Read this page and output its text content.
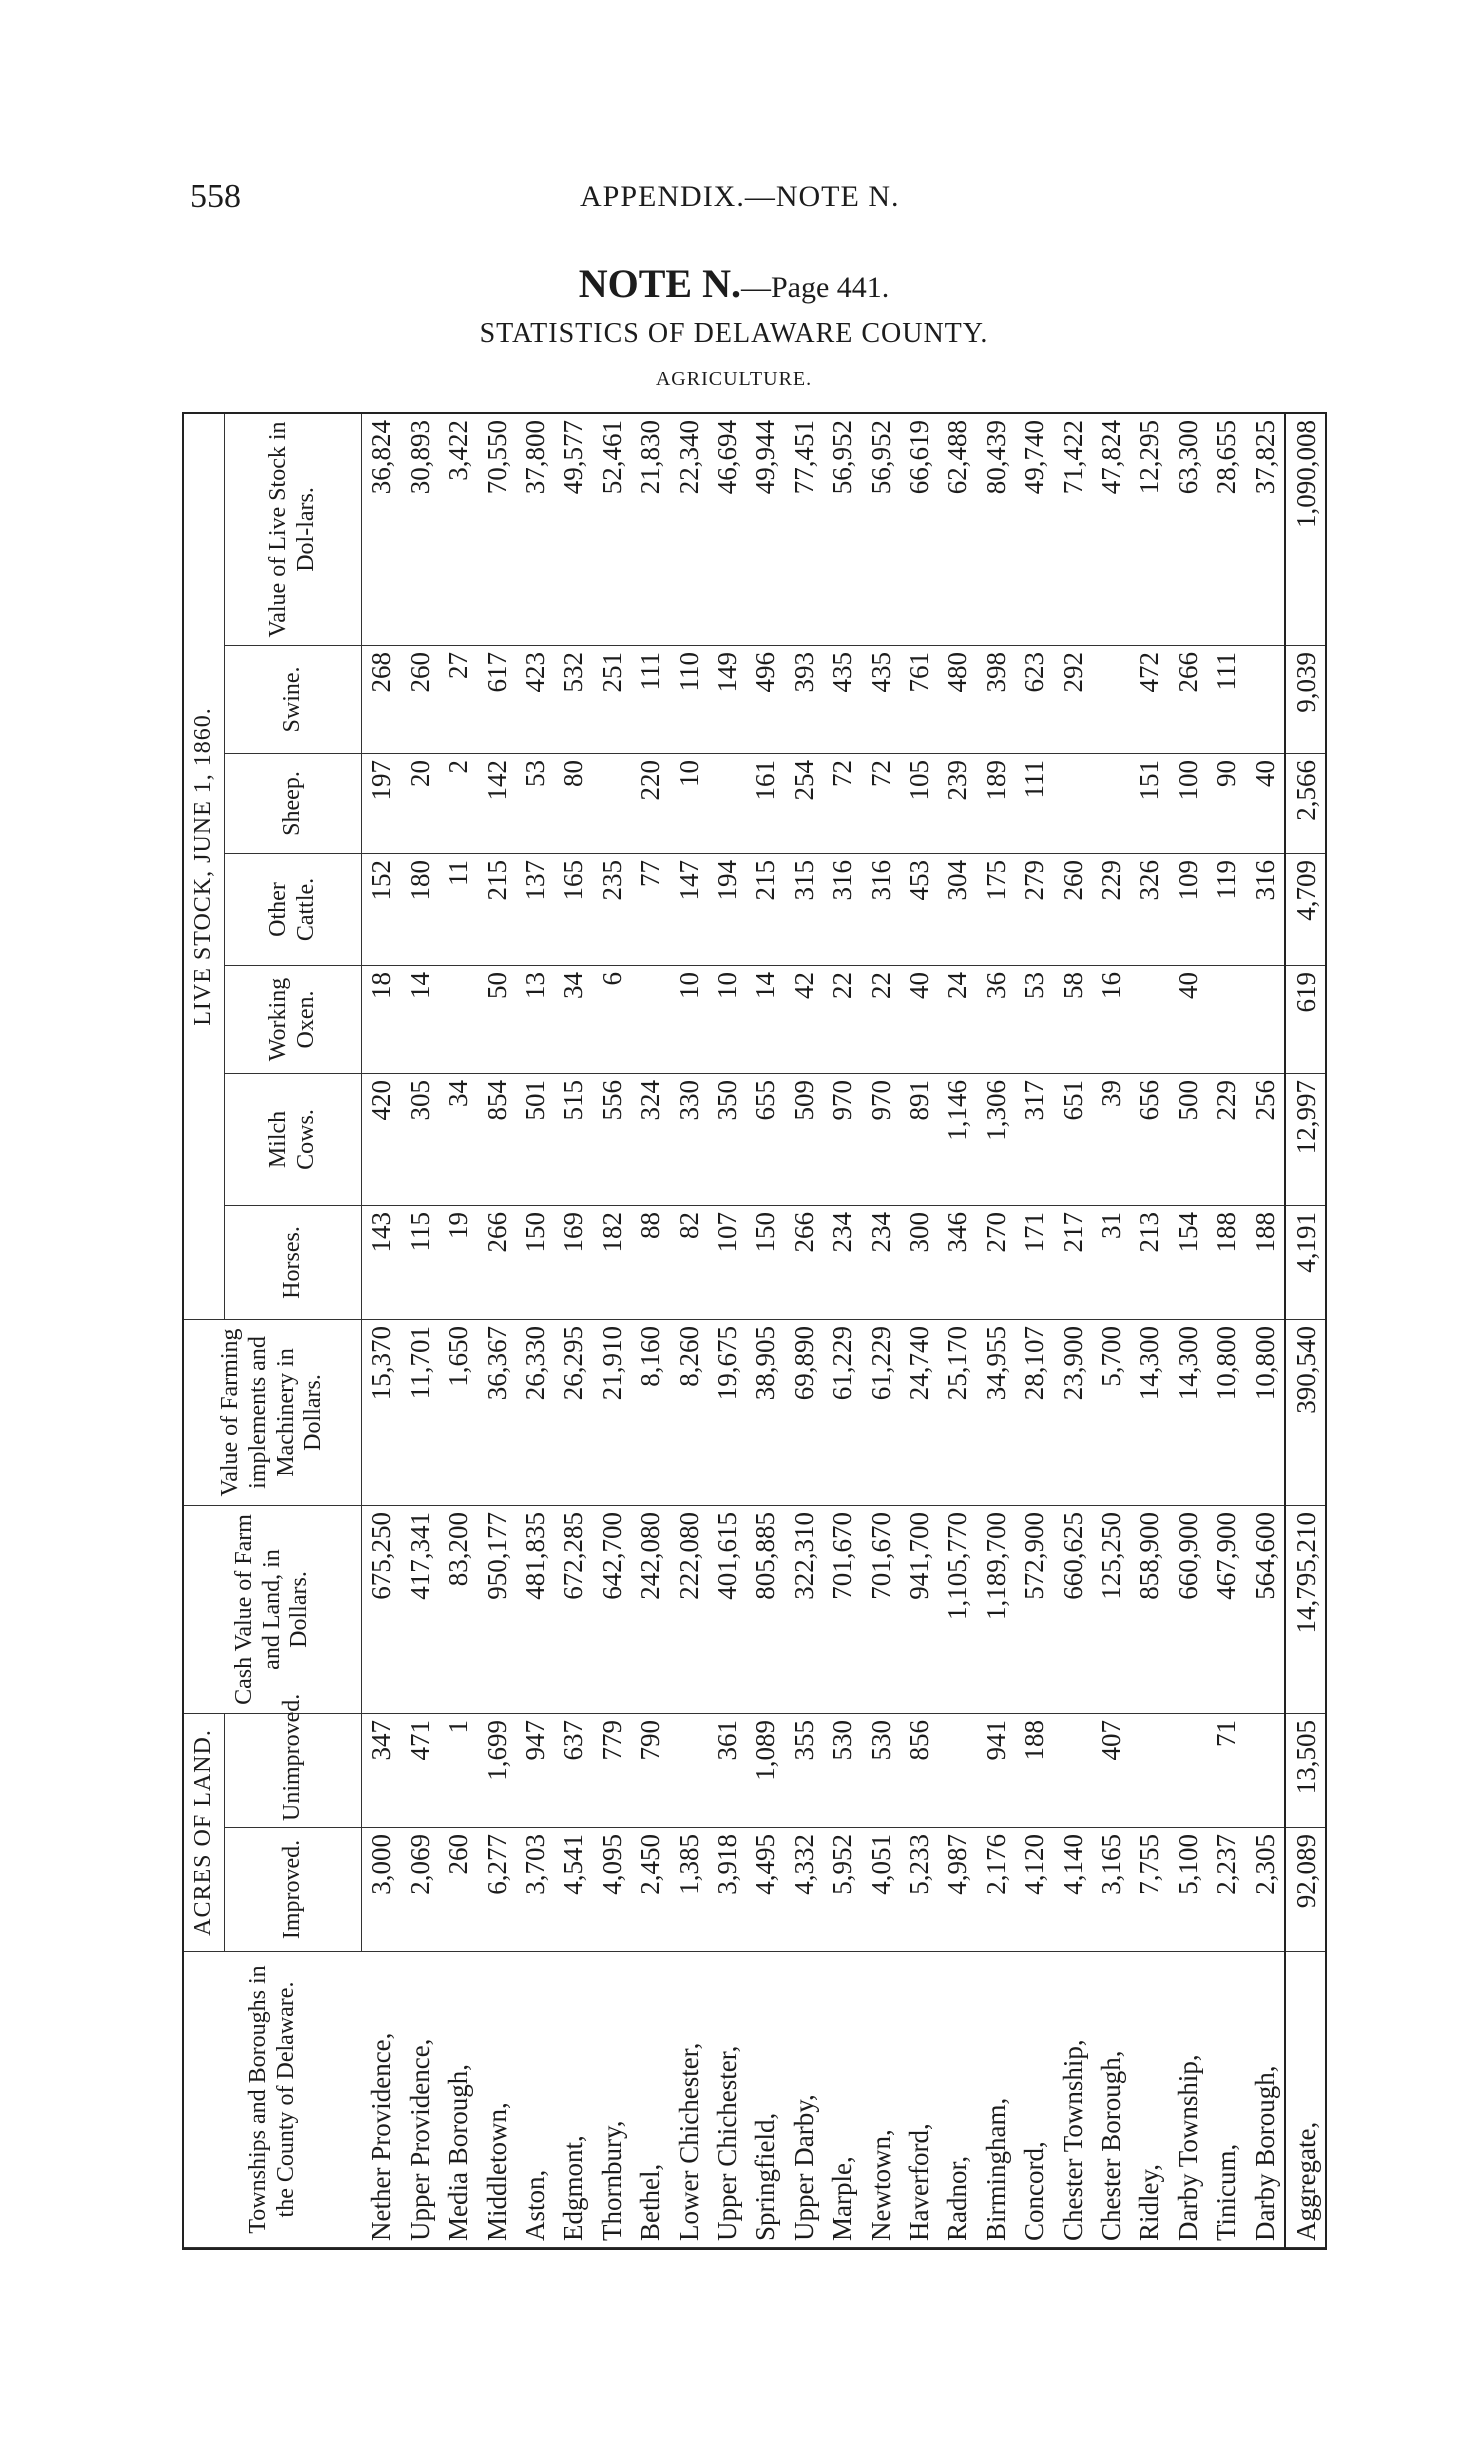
558	APPENDIX.—NOTE N.
NOTE N.—Page 441.
STATISTICS OF DELAWARE COUNTY.
AGRICULTURE.
Townships and Boroughs in the County of Delaware.	ACRES OF LAND.		Cash Value of Farm and Land, in Dollars.	Value of Farming implements and Machinery in Dollars.	LIVE STOCK, JUNE 1, 1860.						
	Improved.	Unimproved.			Horses.	Milch Cows.	Working Oxen.	Other Cattle.	Sheep.	Swine.	Value of Live Stock in Dol-lars.
Nether Providence,	3,000	347	675,250	15,370	143	420	18	152	197	268	36,824
Upper Providence,	2,069	471	417,341	11,701	115	305	14	180	20	260	30,893
Media Borough,	260	1	83,200	1,650	19	34		11	2	27	3,422
Middletown,	6,277	1,699	950,177	36,367	266	854	50	215	142	617	70,550
Aston,	3,703	947	481,835	26,330	150	501	13	137	53	423	37,800
Edgmont,	4,541	637	672,285	26,295	169	515	34	165	80	532	49,577
Thornbury,	4,095	779	642,700	21,910	182	556	6	235		251	52,461
Bethel,	2,450	790	242,080	8,160	88	324		77	220	111	21,830
Lower Chichester,	1,385		222,080	8,260	82	330	10	147	10	110	22,340
Upper Chichester,	3,918	361	401,615	19,675	107	350	10	194		149	46,694
Springfield,	4,495	1,089	805,885	38,905	150	655	14	215	161	496	49,944
Upper Darby,	4,332	355	322,310	69,890	266	509	42	315	254	393	77,451
Marple,	5,952	530	701,670	61,229	234	970	22	316	72	435	56,952
Newtown,	4,051	530	701,670	61,229	234	970	22	316	72	435	56,952
Haverford,	5,233	856	941,700	24,740	300	891	40	453	105	761	66,619
Radnor,	4,987		1,105,770	25,170	346	1,146	24	304	239	480	62,488
Birmingham,	2,176	941	1,189,700	34,955	270	1,306	36	175	189	398	80,439
Concord,	4,120	188	572,900	28,107	171	317	53	279	111	623	49,740
Chester Township,	4,140		660,625	23,900	217	651	58	260		292	71,422
Chester Borough,	3,165	407	125,250	5,700	31	39	16	229			47,824
Ridley,	7,755		858,900	14,300	213	656		326	151	472	12,295
Darby Township,	5,100		660,900	14,300	154	500	40	109	100	266	63,300
Tinicum,	2,237	71	467,900	10,800	188	229		119	90	111	28,655
Darby Borough,	2,305		564,600	10,800	188	256		316	40		37,825
Aggregate,	92,089	13,505	14,795,210	390,540	4,191	12,997	619	4,709	2,566	9,039	1,090,008
